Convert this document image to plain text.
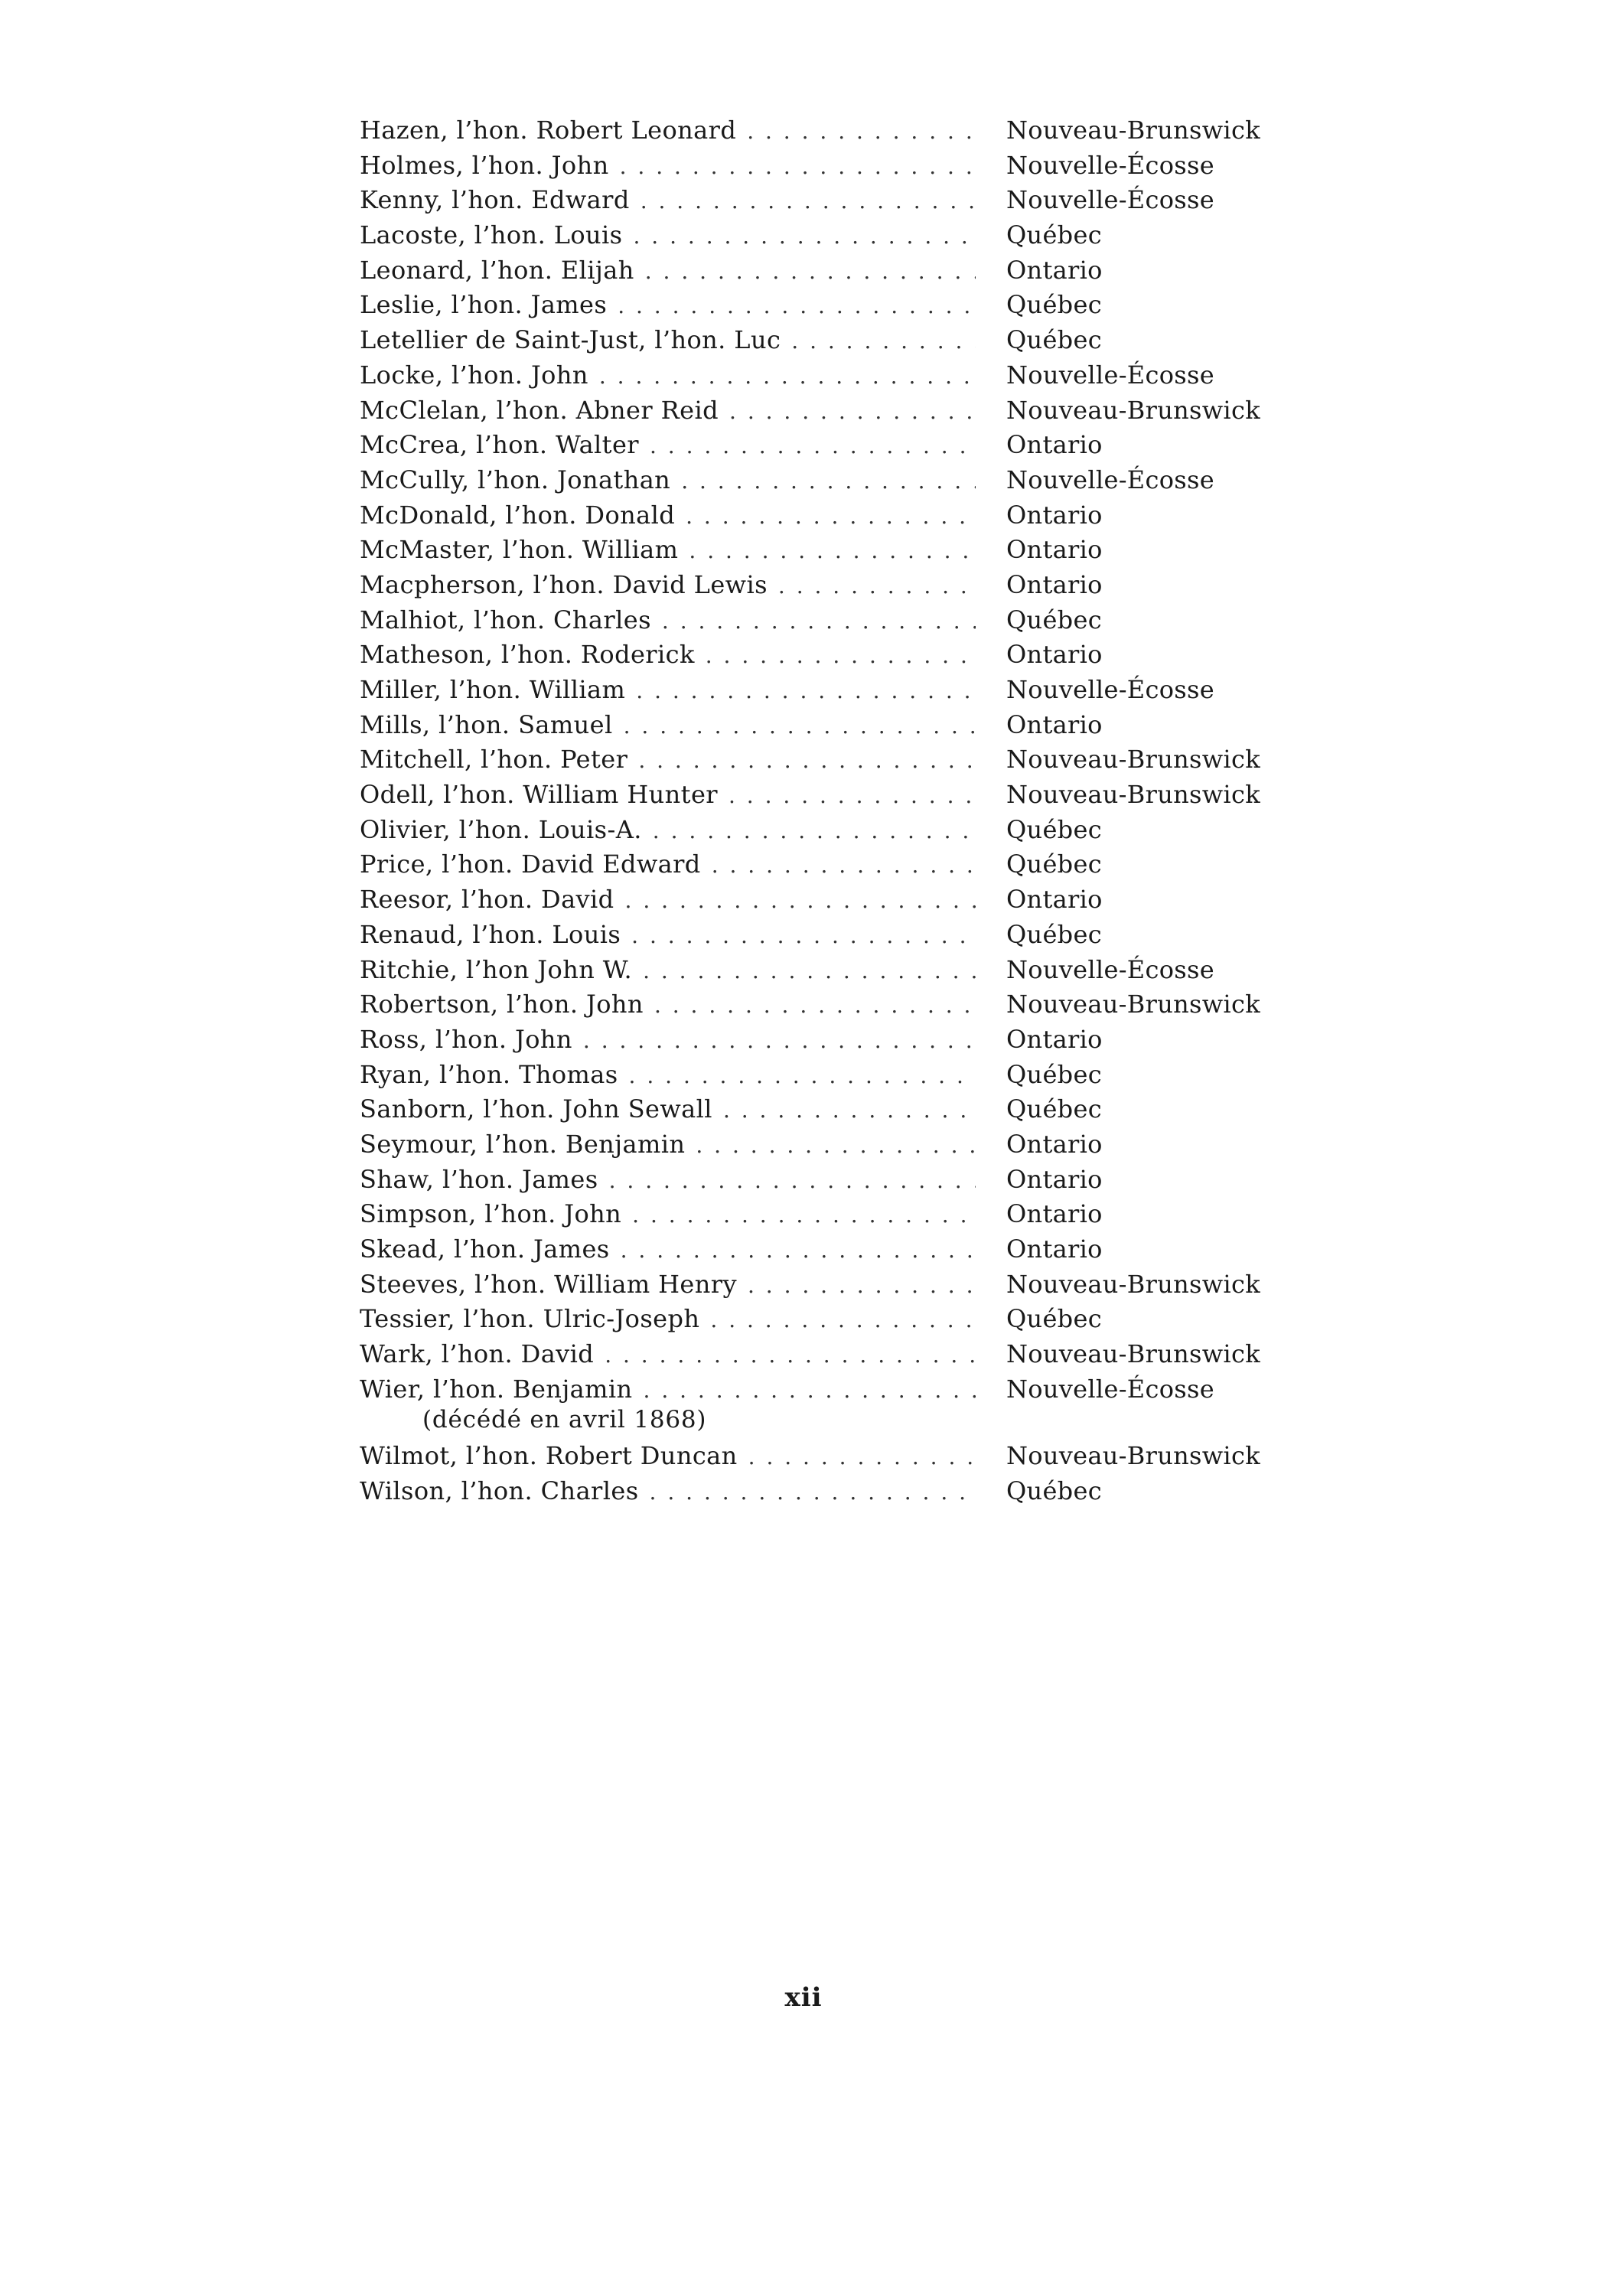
Hazen, l’hon. Robert Leonard . . .	Nouveau-Brunswick
Holmes, l’hon. John . . .	Nouvelle-Écosse
Kenny, l’hon. Edward . . .	Nouvelle-Écosse
Lacoste, l’hon. Louis . . .	Québec
Leonard, l’hon. Elijah . . .	Ontario
Leslie, l’hon. James . . .	Québec
Letellier de Saint-Just, l’hon. Luc . . .	Québec
Locke, l’hon. John . . .	Nouvelle-Écosse
McClelan, l’hon. Abner Reid . . .	Nouveau-Brunswick
McCrea, l’hon. Walter . . .	Ontario
McCully, l’hon. Jonathan . . .	Nouvelle-Écosse
McDonald, l’hon. Donald . . .	Ontario
McMaster, l’hon. William . . .	Ontario
Macpherson, l’hon. David Lewis . . .	Ontario
Malhiot, l’hon. Charles . . .	Québec
Matheson, l’hon. Roderick . . .	Ontario
Miller, l’hon. William . . .	Nouvelle-Écosse
Mills, l’hon. Samuel . . .	Ontario
Mitchell, l’hon. Peter . . .	Nouveau-Brunswick
Odell, l’hon. William Hunter . . .	Nouveau-Brunswick
Olivier, l’hon. Louis-A. . . .	Québec
Price, l’hon. David Edward . . .	Québec
Reesor, l’hon. David . . .	Ontario
Renaud, l’hon. Louis . . .	Québec
Ritchie, l’hon John W. . . .	Nouvelle-Écosse
Robertson, l’hon. John . . .	Nouveau-Brunswick
Ross, l’hon. John . . .	Ontario
Ryan, l’hon. Thomas . . .	Québec
Sanborn, l’hon. John Sewall . . .	Québec
Seymour, l’hon. Benjamin . . .	Ontario
Shaw, l’hon. James . . .	Ontario
Simpson, l’hon. John . . .	Ontario
Skead, l’hon. James . . .	Ontario
Steeves, l’hon. William Henry . . .	Nouveau-Brunswick
Tessier, l’hon. Ulric-Joseph . . .	Québec
Wark, l’hon. David . . .	Nouveau-Brunswick
Wier, l’hon. Benjamin . . .	Nouvelle-Écosse
(décédé en avril 1868)
Wilmot, l’hon. Robert Duncan . . .	Nouveau-Brunswick
Wilson, l’hon. Charles . . .	Québec
xii
